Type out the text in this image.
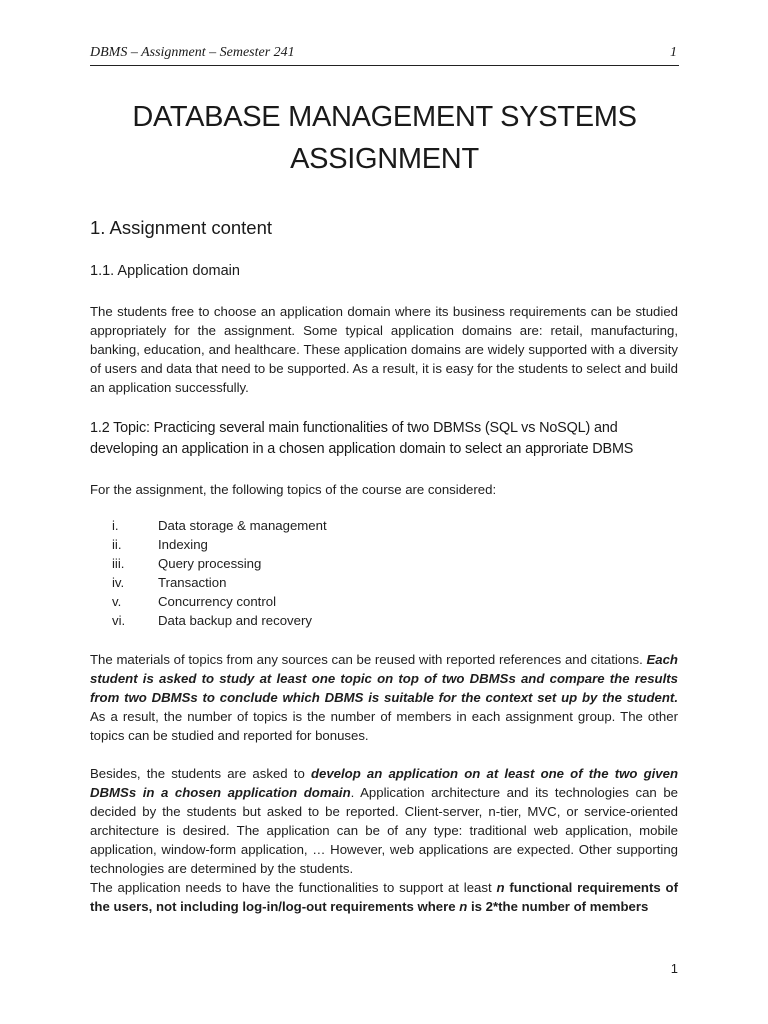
DBMS – Assignment – Semester 241	1
DATABASE MANAGEMENT SYSTEMS
ASSIGNMENT
1. Assignment content
1.1. Application domain
The students free to choose an application domain where its business requirements can be studied appropriately for the assignment. Some typical application domains are: retail, manufacturing, banking, education, and healthcare. These application domains are widely supported with a diversity of users and data that need to be supported. As a result, it is easy for the students to select and build an application successfully.
1.2 Topic: Practicing several main functionalities of two DBMSs (SQL vs NoSQL) and
developing an application in a chosen application domain to select an approriate DBMS
For the assignment, the following topics of the course are considered:
i.	Data storage & management
ii.	Indexing
iii.	Query processing
iv.	Transaction
v.	Concurrency control
vi. Data backup and recovery
The materials of topics from any sources can be reused with reported references and citations. Each student is asked to study at least one topic on top of two DBMSs and compare the results from two DBMSs to conclude which DBMS is suitable for the context set up by the student. As a result, the number of topics is the number of members in each assignment group. The other topics can be studied and reported for bonuses.
Besides, the students are asked to develop an application on at least one of the two given DBMSs in a chosen application domain. Application architecture and its technologies can be decided by the students but asked to be reported. Client-server, n-tier, MVC, or service-oriented architecture is desired. The application can be of any type: traditional web application, mobile application, window-form application, … However, web applications are expected. Other supporting technologies are determined by the students.
The application needs to have the functionalities to support at least n functional requirements of the users, not including log-in/log-out requirements where n is 2*the number of members
1
